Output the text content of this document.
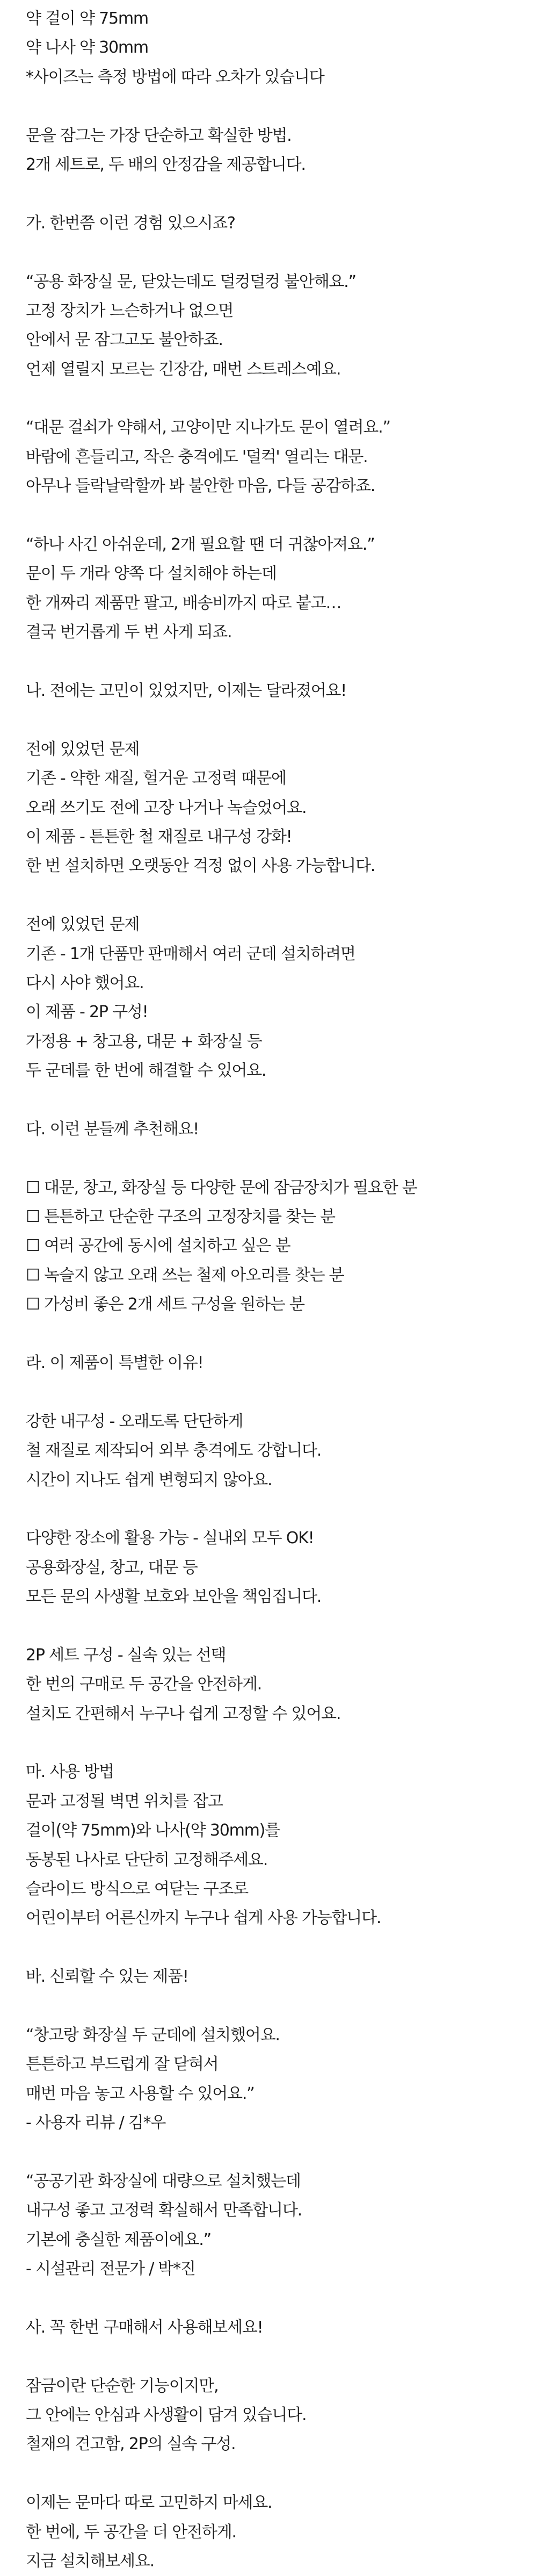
약 걸이 약 75mm
약 나사 약 30mm
*사이즈는 측정 방법에 따라 오차가 있습니다
문을 잠그는 가장 단순하고 확실한 방법.
2개 세트로, 두 배의 안정감을 제공합니다.
가. 한번쯤 이런 경험 있으시죠?
“공용 화장실 문, 닫았는데도 덜컹덜컹 불안해요.”
고정 장치가 느슨하거나 없으면
안에서 문 잠그고도 불안하죠.
언제 열릴지 모르는 긴장감, 매번 스트레스예요.
“대문 걸쇠가 약해서, 고양이만 지나가도 문이 열려요.”
바람에 흔들리고, 작은 충격에도 '덜컥' 열리는 대문.
아무나 들락날락할까 봐 불안한 마음, 다들 공감하죠.
“하나 사긴 아쉬운데, 2개 필요할 땐 더 귀찮아져요.”
문이 두 개라 양쪽 다 설치해야 하는데
한 개짜리 제품만 팔고, 배송비까지 따로 붙고…
결국 번거롭게 두 번 사게 되죠.
나. 전에는 고민이 있었지만, 이제는 달라졌어요!
전에 있었던 문제
기존 - 약한 재질, 헐거운 고정력 때문에
오래 쓰기도 전에 고장 나거나 녹슬었어요.
이 제품 - 튼튼한 철 재질로 내구성 강화!
한 번 설치하면 오랫동안 걱정 없이 사용 가능합니다.
전에 있었던 문제
기존 - 1개 단품만 판매해서 여러 군데 설치하려면
다시 사야 했어요.
이 제품 - 2P 구성!
가정용 + 창고용, 대문 + 화장실 등
두 군데를 한 번에 해결할 수 있어요.
다. 이런 분들께 추천해요!
☐ 대문, 창고, 화장실 등 다양한 문에 잠금장치가 필요한 분
☐ 튼튼하고 단순한 구조의 고정장치를 찾는 분
☐ 여러 공간에 동시에 설치하고 싶은 분
☐ 녹슬지 않고 오래 쓰는 철제 아오리를 찾는 분
☐ 가성비 좋은 2개 세트 구성을 원하는 분
라. 이 제품이 특별한 이유!
강한 내구성 - 오래도록 단단하게
철 재질로 제작되어 외부 충격에도 강합니다.
시간이 지나도 쉽게 변형되지 않아요.
다양한 장소에 활용 가능 - 실내외 모두 OK!
공용화장실, 창고, 대문 등
모든 문의 사생활 보호와 보안을 책임집니다.
2P 세트 구성 - 실속 있는 선택
한 번의 구매로 두 공간을 안전하게.
설치도 간편해서 누구나 쉽게 고정할 수 있어요.
마. 사용 방법
문과 고정될 벽면 위치를 잡고
걸이(약 75mm)와 나사(약 30mm)를
동봉된 나사로 단단히 고정해주세요.
슬라이드 방식으로 여닫는 구조로
어린이부터 어른신까지 누구나 쉽게 사용 가능합니다.
바. 신뢰할 수 있는 제품!
“창고랑 화장실 두 군데에 설치했어요.
튼튼하고 부드럽게 잘 닫혀서
매번 마음 놓고 사용할 수 있어요.”
- 사용자 리뷰 / 김*우
“공공기관 화장실에 대량으로 설치했는데
내구성 좋고 고정력 확실해서 만족합니다.
기본에 충실한 제품이에요.”
- 시설관리 전문가 / 박*진
사. 꼭 한번 구매해서 사용해보세요!
잠금이란 단순한 기능이지만,
그 안에는 안심과 사생활이 담겨 있습니다.
철재의 견고함, 2P의 실속 구성.
이제는 문마다 따로 고민하지 마세요.
한 번에, 두 공간을 더 안전하게.
지금 설치해보세요.
